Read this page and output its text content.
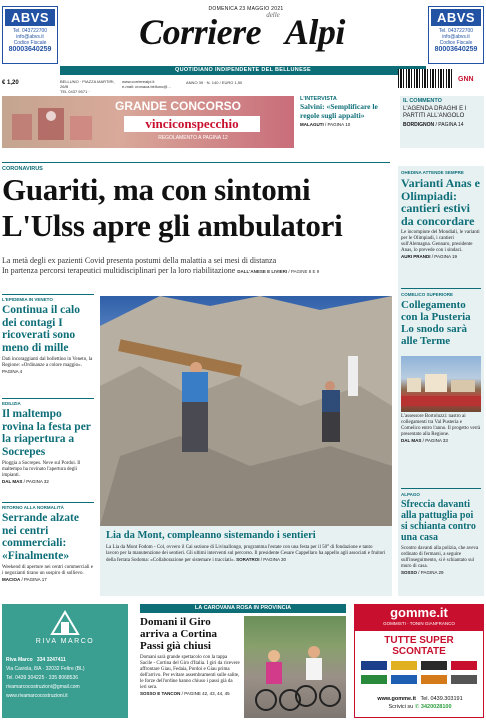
ABVS
Tel. 043722700
info@abvs.it
Codice Fiscale
80003640259
DOMENICA 23 MAGGIO 2021
Corriere $^{delle}$ Alpi	ABVS
Tel. 043722700
info@abvs.it
Codice Fiscale
80003640259
QUOTIDIANO INDIPENDENTE DEL BELLUNESE
€ 1,20	BELLUNO · PIAZZA MARTIRI, 26/B
TEL 0437 9571 ·
www.corrierealpi.it
e-mail: cronaca.belluno@...
ANNO 39 · N. 140 / EURO 1,50	GNN
GRANDE CONCORSO
vinciconspecchio
REGOLAMENTO A PAGINA 12
L'INTERVISTA
Salvini: «Semplificare le regole sugli appalti»
MALAGUTI / PAGINA 10
IL COMMENTO
L'AGENDA DRAGHI E I PARTITI ALL'ANGOLO
BORDIGNON / PAGINA 14
CORONAVIRUS
Guariti, ma con sintomi
L'Ulss apre gli ambulatori
La metà degli ex pazienti Covid presenta postumi della malattia a sei mesi di distanza
In partenza percorsi terapeutici multidisciplinari per la loro riabilitazione DALL'ANESE E LIVIERI / PAGINE 8 E 9
OHEDINA ATTENDE SEMPRE
Varianti Anas e Olimpiadi: cantieri estivi da concordare
Le incompiute del Mondiali, le varianti per le Olimpiadi, i cantieri sull'Alemagna. Gennaro, presidente Anas, lo prevede con i sindaci.
AURI PRANDI / PAGINA 19
COMELICO SUPERIORE
Collegamento con la Pusteria Lo snodo sarà alle Terme
L'assessore Bortoluzzi: nastro ai collegamenti tra Val Pusteria e Comelico entro l'anno. Il progetto verrà presentato alla Regione.
DAL MAS / PAGINA 33
ALPAGO
Sfreccia davanti alla pattuglia poi si schianta contro una casa
Scontro davanti alla polizia, che aveva ordinato di fermarsi, a seguire sull'inseguimento, si è schiantato sul muro di casa.
SOSSO / PAGINA 29
L'EPIDEMIA IN VENETO
Continua il calo dei contagi I ricoverati sono meno di mille
Dati incoraggianti dal bollettino in Veneto, la Regione: «Ordinanze a colore maggio».
PAGINA 4
EDILIZIA
Il maltempo rovina la festa per la riapertura a Socrepes
Pioggia a Socrepes. Neve sul Pordoi. Il maltempo ha rovinato l'apertura degli impianti.
DAL MAS / PAGINA 32
RITORNO ALLA NORMALITÀ
Serrande alzate nei centri commerciali: «Finalmente»
Weekend di aperture nei centri commerciali e i negozianti tirano un sospiro di sollievo.
MACIOA / PAGINA 17
Lia da Mont, compleanno sistemando i sentieri
La Lia da Mont Fodom - Col, ovvero il Cai sezione di Livinallongo, programma l'estate con una festa per il 50° di fondazione e tanto lavoro per la manutenzione dei sentieri. Gli ultimi interventi sul percorso. Il presidente Cesare Cappellaro ha appello agli associati e fruitori della ferrata Sodoma: «Collaborazione per sistemare i tracciati». SORATROI / PAGINA 30
RIVA MARCO
Riva Marco 334 3247411
Via Caviola, 8/A · 32032 Feltre (BL)
Tel. 0439 304225 · 335 8068536
rivamarcocostruzioni@gmail.com
www.rivamarcocostruzioni.it
LA CAROVANA ROSA IN PROVINCIA
Domani il Giro arriva a Cortina Passi già chiusi
Domani sarà grande spettacolo con la tappa Sacile - Cortina del Giro d'Italia. I giri da ricevere affrontare Giau, Fedaia, Pordoi e Giau prima dell'arrivo. Per evitare assembramenti sulle salite, le forze dell'ordine hanno chiuso i passi già da ieri sera.
SOSSO E TANCON / PAGINE 42, 43, 44, 45
gomme.it
GOMMISTI · TONIN GIANFRANCO
TUTTE SUPER
SCONTATE
www.gomme.it Tel. 0439.303191
Scrivici su ✆ 3420028100
